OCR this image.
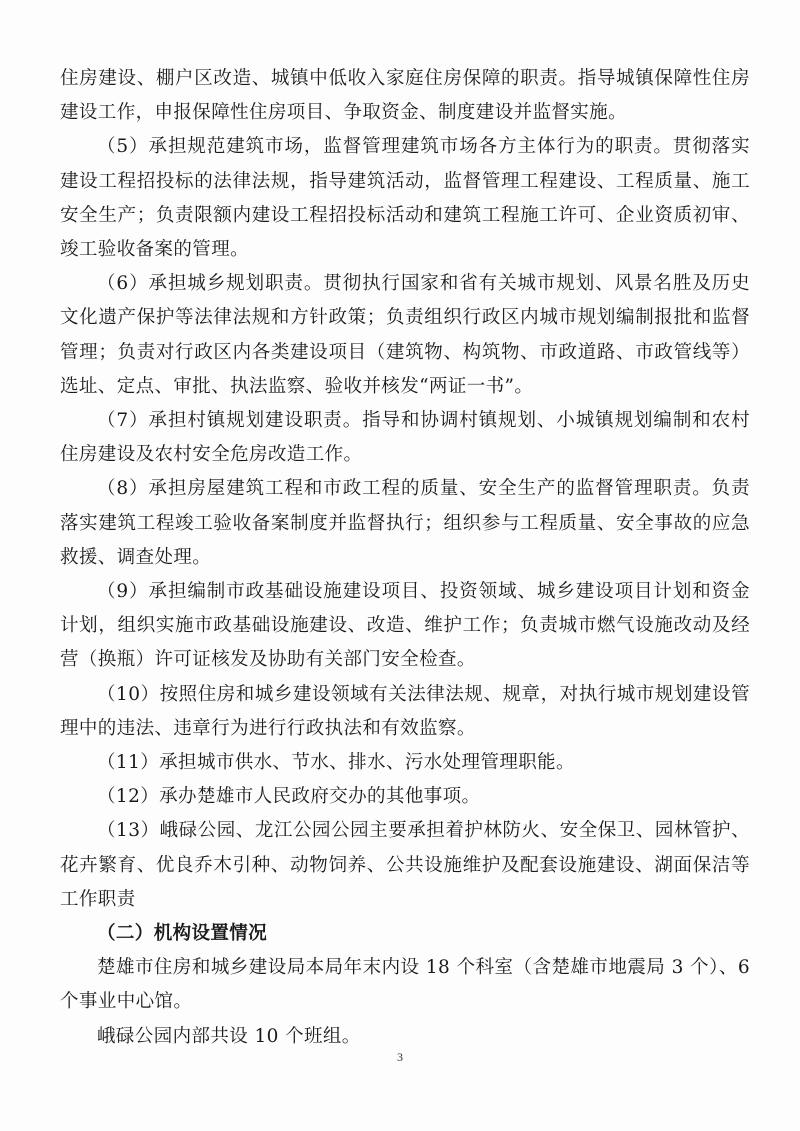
住房建设、棚户区改造、城镇中低收入家庭住房保障的职责。指导城镇保障性住房建设工作，申报保障性住房项目、争取资金、制度建设并监督实施。

（5）承担规范建筑市场，监督管理建筑市场各方主体行为的职责。贯彻落实建设工程招投标的法律法规，指导建筑活动，监督管理工程建设、工程质量、施工安全生产；负责限额内建设工程招投标活动和建筑工程施工许可、企业资质初审、竣工验收备案的管理。

（6）承担城乡规划职责。贯彻执行国家和省有关城市规划、风景名胜及历史文化遗产保护等法律法规和方针政策；负责组织行政区内城市规划编制报批和监督管理；负责对行政区内各类建设项目（建筑物、构筑物、市政道路、市政管线等）选址、定点、审批、执法监察、验收并核发“两证一书”。

（7）承担村镇规划建设职责。指导和协调村镇规划、小城镇规划编制和农村住房建设及农村安全危房改造工作。

（8）承担房屋建筑工程和市政工程的质量、安全生产的监督管理职责。负责落实建筑工程竣工验收备案制度并监督执行；组织参与工程质量、安全事故的应急救援、调查处理。

（9）承担编制市政基础设施建设项目、投资领域、城乡建设项目计划和资金计划，组织实施市政基础设施建设、改造、维护工作；负责城市燃气设施改动及经营（换瓶）许可证核发及协助有关部门安全检查。

（10）按照住房和城乡建设领域有关法律法规、规章，对执行城市规划建设管理中的违法、违章行为进行行政执法和有效监察。

（11）承担城市供水、节水、排水、污水处理管理职能。

（12）承办楚雄市人民政府交办的其他事项。

（13）峨碌公园、龙江公园公园主要承担着护林防火、安全保卫、园林管护、花卉繁育、优良乔木引种、动物饲养、公共设施维护及配套设施建设、湖面保洁等工作职责

（二）机构设置情况

楚雄市住房和城乡建设局本局年末内设 18 个科室（含楚雄市地震局 3 个）、6 个事业中心馆。

峨碌公园内部共设 10 个班组。

3
